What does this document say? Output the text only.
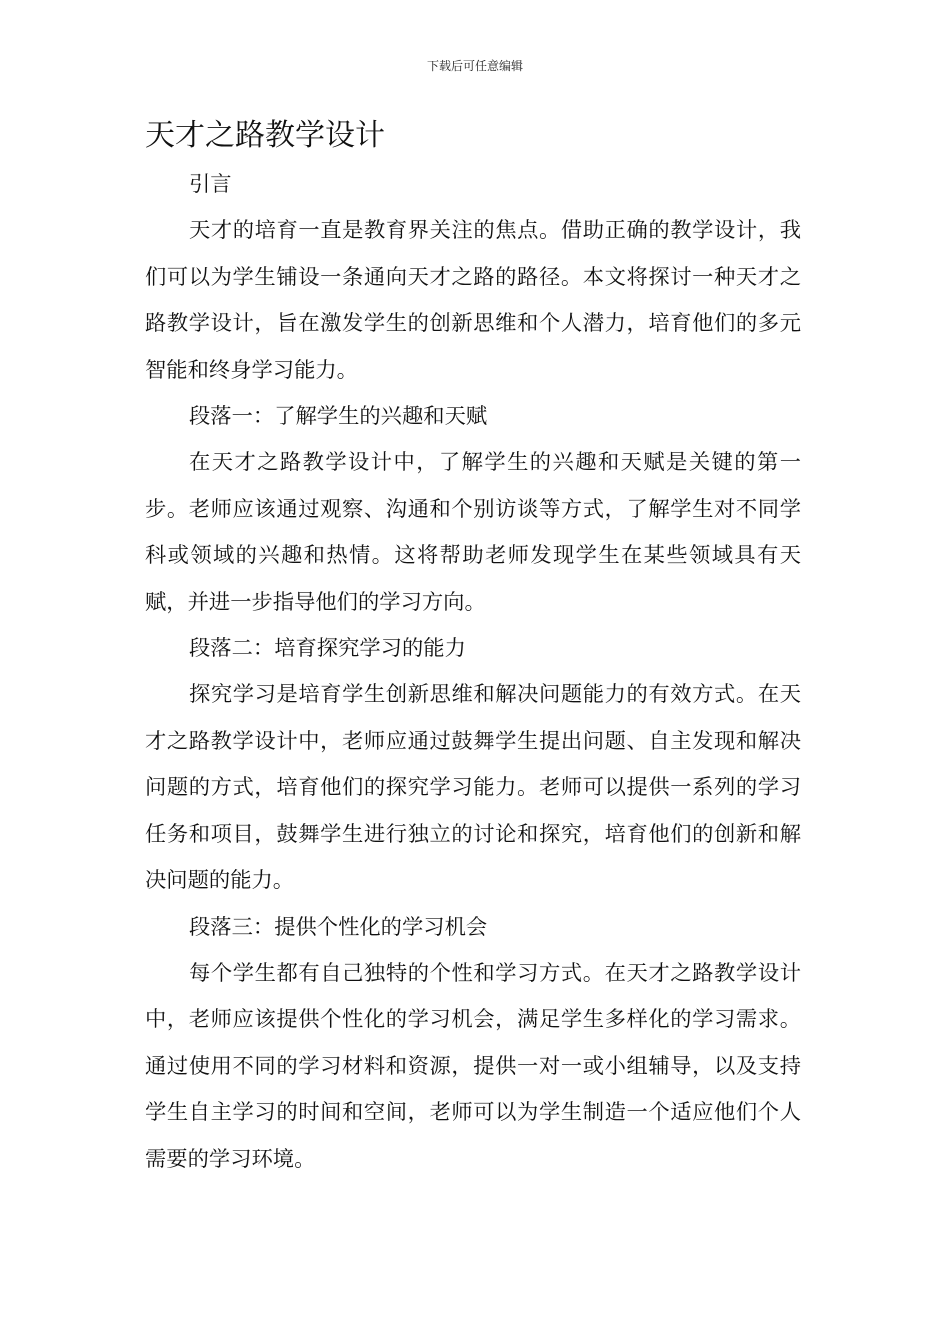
下载后可任意编辑
天才之路教学设计

引言

天才的培育一直是教育界关注的焦点。借助正确的教学设计，我们可以为学生铺设一条通向天才之路的路径。本文将探讨一种天才之路教学设计，旨在激发学生的创新思维和个人潜力，培育他们的多元智能和终身学习能力。

段落一：了解学生的兴趣和天赋

在天才之路教学设计中，了解学生的兴趣和天赋是关键的第一步。老师应该通过观察、沟通和个别访谈等方式，了解学生对不同学科或领域的兴趣和热情。这将帮助老师发现学生在某些领域具有天赋，并进一步指导他们的学习方向。

段落二：培育探究学习的能力

探究学习是培育学生创新思维和解决问题能力的有效方式。在天才之路教学设计中，老师应通过鼓舞学生提出问题、自主发现和解决问题的方式，培育他们的探究学习能力。老师可以提供一系列的学习任务和项目，鼓舞学生进行独立的讨论和探究，培育他们的创新和解决问题的能力。

段落三：提供个性化的学习机会

每个学生都有自己独特的个性和学习方式。在天才之路教学设计中，老师应该提供个性化的学习机会，满足学生多样化的学习需求。通过使用不同的学习材料和资源，提供一对一或小组辅导，以及支持学生自主学习的时间和空间，老师可以为学生制造一个适应他们个人需要的学习环境。
